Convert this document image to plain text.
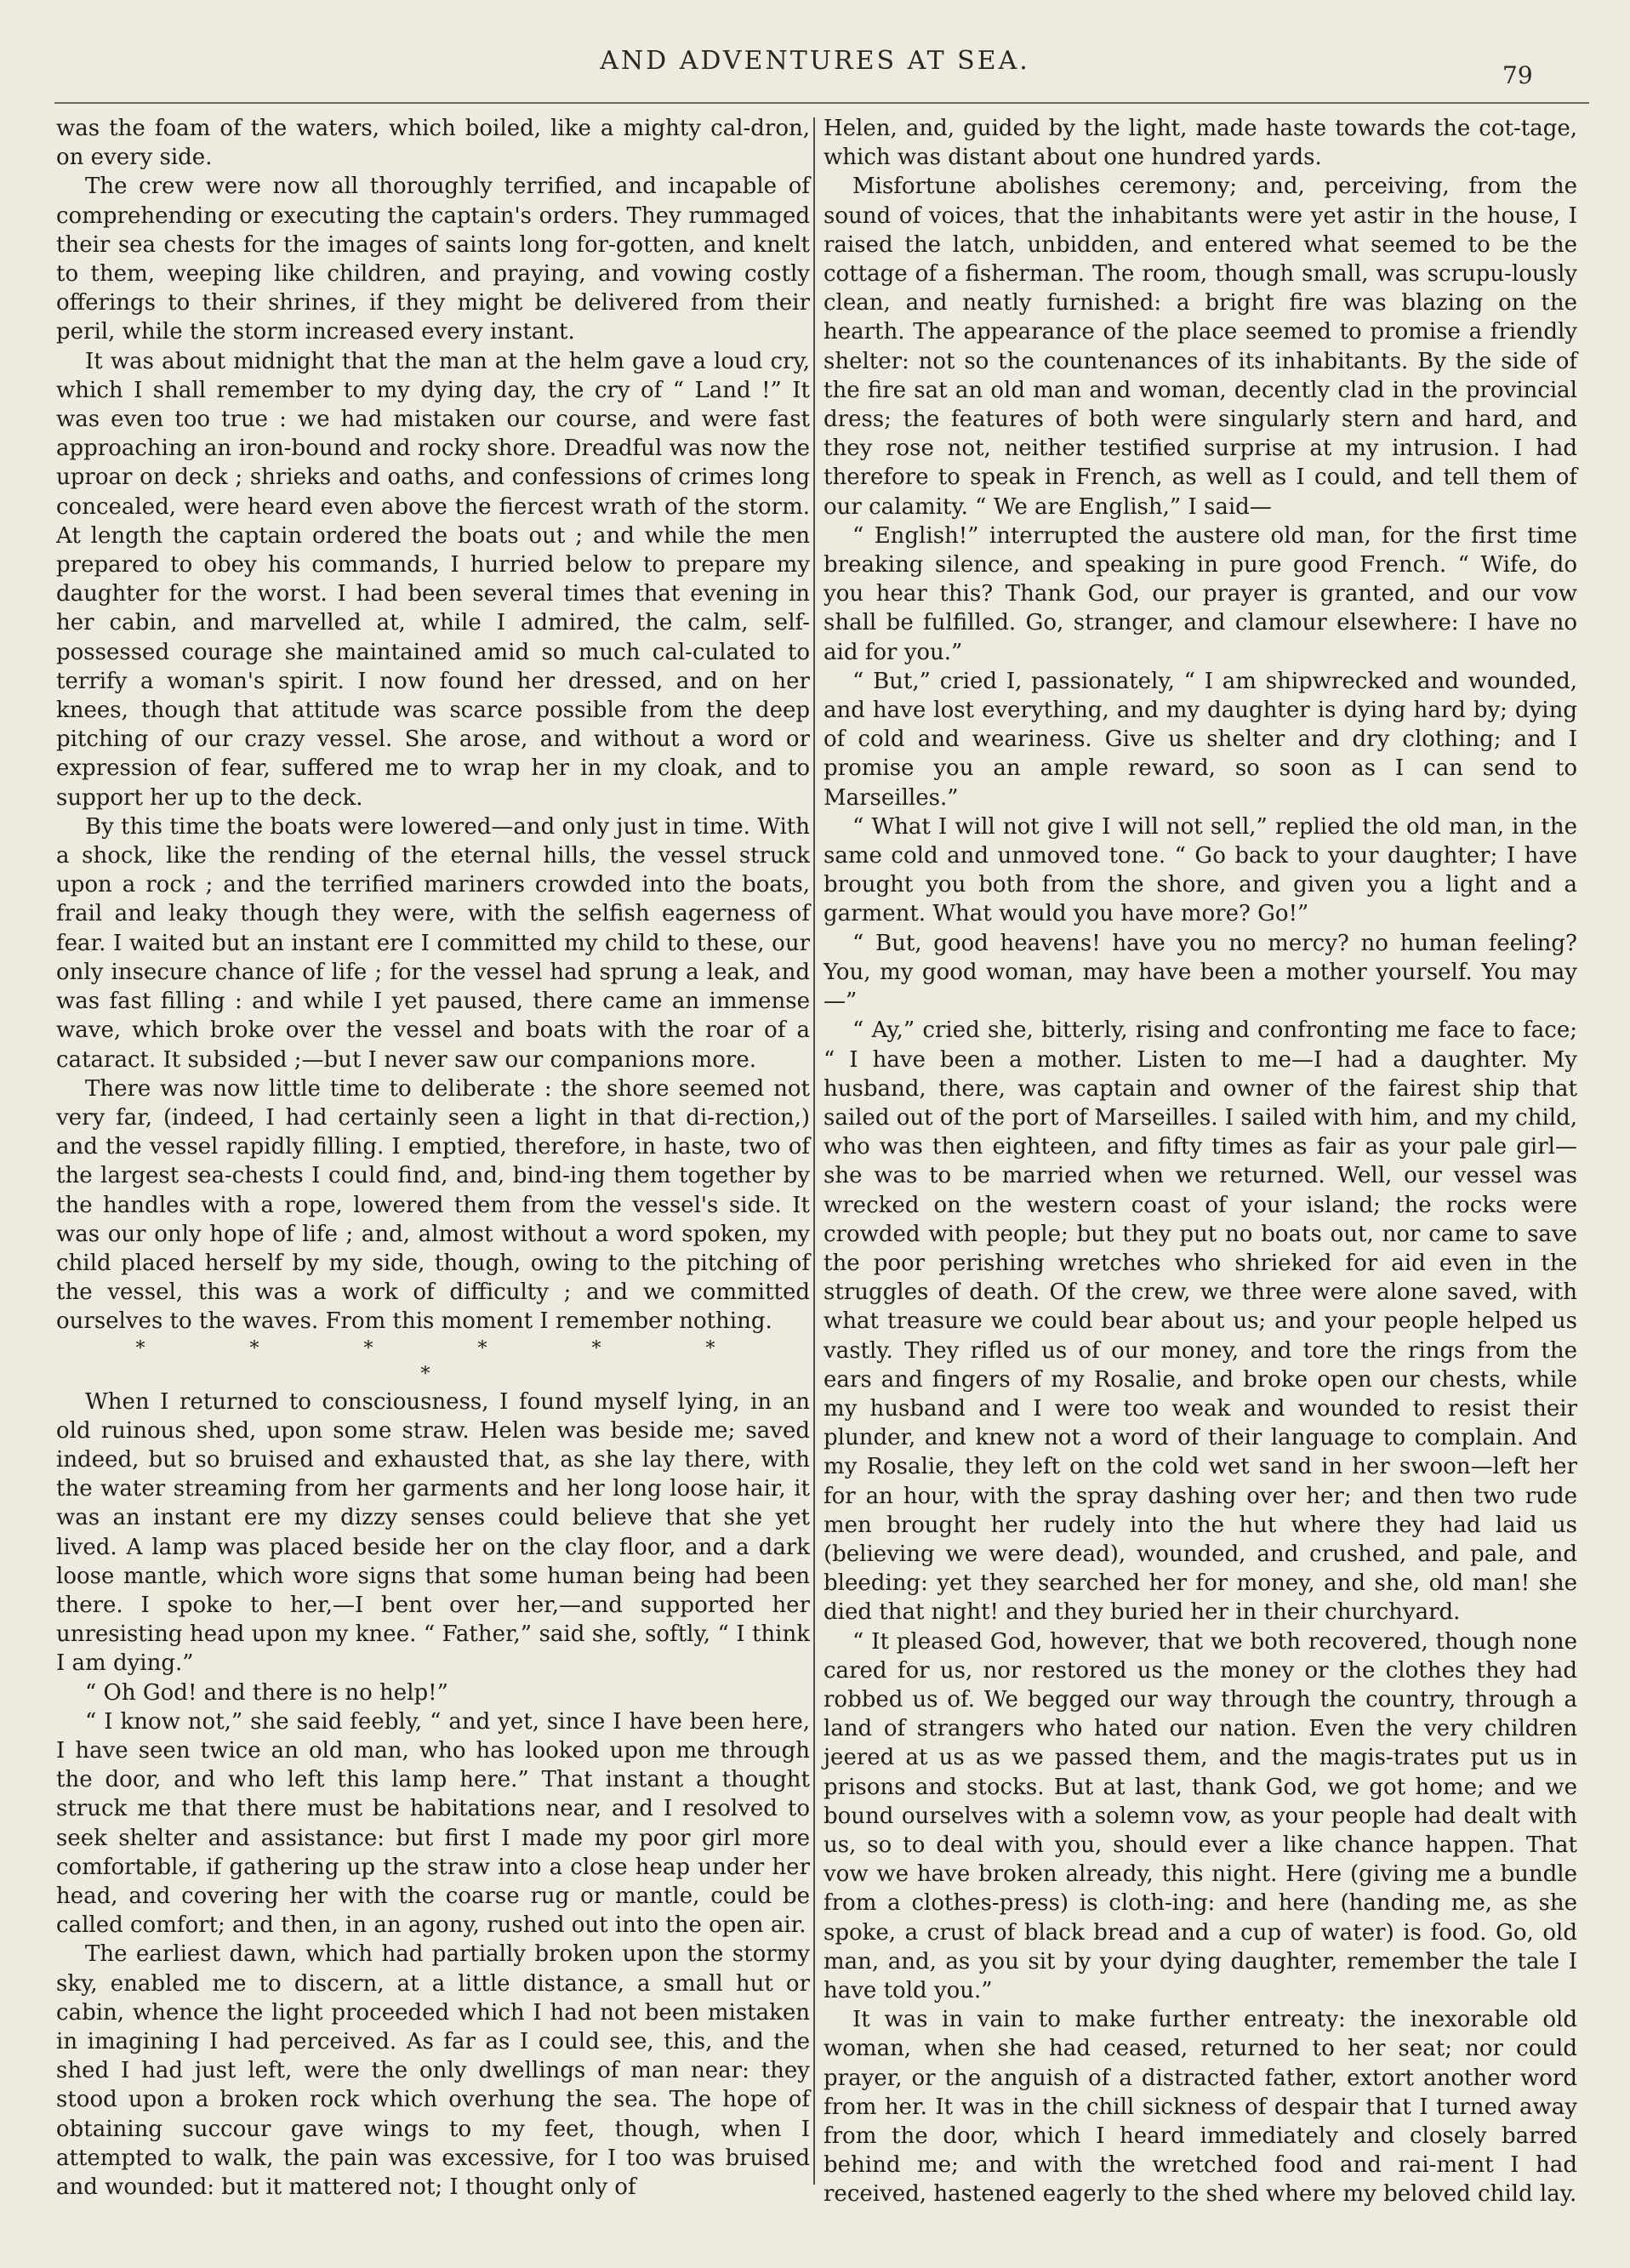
AND ADVENTURES AT SEA.	79

was the foam of the waters, which boiled, like a mighty cal-dron, on every side.

The crew were now all thoroughly terrified, and incapable of comprehending or executing the captain's orders. They rummaged their sea chests for the images of saints long for-gotten, and knelt to them, weeping like children, and praying, and vowing costly offerings to their shrines, if they might be delivered from their peril, while the storm increased every instant.

It was about midnight that the man at the helm gave a loud cry, which I shall remember to my dying day, the cry of “ Land !” It was even too true : we had mistaken our course, and were fast approaching an iron-bound and rocky shore. Dreadful was now the uproar on deck ; shrieks and oaths, and confessions of crimes long concealed, were heard even above the fiercest wrath of the storm. At length the captain ordered the boats out ; and while the men prepared to obey his commands, I hurried below to prepare my daughter for the worst. I had been several times that evening in her cabin, and marvelled at, while I admired, the calm, self-possessed courage she maintained amid so much cal-culated to terrify a woman's spirit. I now found her dressed, and on her knees, though that attitude was scarce possible from the deep pitching of our crazy vessel. She arose, and without a word or expression of fear, suffered me to wrap her in my cloak, and to support her up to the deck.

By this time the boats were lowered—and only just in time. With a shock, like the rending of the eternal hills, the vessel struck upon a rock ; and the terrified mariners crowded into the boats, frail and leaky though they were, with the selfish eagerness of fear. I waited but an instant ere I committed my child to these, our only insecure chance of life ; for the vessel had sprung a leak, and was fast filling : and while I yet paused, there came an immense wave, which broke over the vessel and boats with the roar of a cataract. It subsided ;—but I never saw our companions more.

There was now little time to deliberate : the shore seemed not very far, (indeed, I had certainly seen a light in that di-rection,) and the vessel rapidly filling. I emptied, therefore, in haste, two of the largest sea-chests I could find, and, bind-ing them together by the handles with a rope, lowered them from the vessel's side. It was our only hope of life ; and, almost without a word spoken, my child placed herself by my side, though, owing to the pitching of the vessel, this was a work of difficulty ; and we committed ourselves to the waves. From this moment I remember nothing.

* * * * * * *

When I returned to consciousness, I found myself lying, in an old ruinous shed, upon some straw. Helen was beside me; saved indeed, but so bruised and exhausted that, as she lay there, with the water streaming from her garments and her long loose hair, it was an instant ere my dizzy senses could believe that she yet lived. A lamp was placed beside her on the clay floor, and a dark loose mantle, which wore signs that some human being had been there. I spoke to her,—I bent over her,—and supported her unresisting head upon my knee. “ Father,” said she, softly, “ I think I am dying.”

“ Oh God! and there is no help!”

“ I know not,” she said feebly, “ and yet, since I have been here, I have seen twice an old man, who has looked upon me through the door, and who left this lamp here.” That instant a thought struck me that there must be habitations near, and I resolved to seek shelter and assistance: but first I made my poor girl more comfortable, if gathering up the straw into a close heap under her head, and covering her with the coarse rug or mantle, could be called comfort; and then, in an agony, rushed out into the open air.

The earliest dawn, which had partially broken upon the stormy sky, enabled me to discern, at a little distance, a small hut or cabin, whence the light proceeded which I had not been mistaken in imagining I had perceived. As far as I could see, this, and the shed I had just left, were the only dwellings of man near: they stood upon a broken rock which overhung the sea. The hope of obtaining succour gave wings to my feet, though, when I attempted to walk, the pain was excessive, for I too was bruised and wounded: but it mattered not; I thought only of

Helen, and, guided by the light, made haste towards the cot-tage, which was distant about one hundred yards.

Misfortune abolishes ceremony; and, perceiving, from the sound of voices, that the inhabitants were yet astir in the house, I raised the latch, unbidden, and entered what seemed to be the cottage of a fisherman. The room, though small, was scrupu-lously clean, and neatly furnished: a bright fire was blazing on the hearth. The appearance of the place seemed to promise a friendly shelter: not so the countenances of its inhabitants. By the side of the fire sat an old man and woman, decently clad in the provincial dress; the features of both were singularly stern and hard, and they rose not, neither testified surprise at my intrusion. I had therefore to speak in French, as well as I could, and tell them of our calamity. “ We are English,” I said—

“ English!” interrupted the austere old man, for the first time breaking silence, and speaking in pure good French. “ Wife, do you hear this? Thank God, our prayer is granted, and our vow shall be fulfilled. Go, stranger, and clamour elsewhere: I have no aid for you.”

“ But,” cried I, passionately, “ I am shipwrecked and wounded, and have lost everything, and my daughter is dying hard by; dying of cold and weariness. Give us shelter and dry clothing; and I promise you an ample reward, so soon as I can send to Marseilles.”

“ What I will not give I will not sell,” replied the old man, in the same cold and unmoved tone. “ Go back to your daughter; I have brought you both from the shore, and given you a light and a garment. What would you have more? Go!”

“ But, good heavens! have you no mercy? no human feeling? You, my good woman, may have been a mother yourself. You may—”

“ Ay,” cried she, bitterly, rising and confronting me face to face; “ I have been a mother. Listen to me—I had a daughter. My husband, there, was captain and owner of the fairest ship that sailed out of the port of Marseilles. I sailed with him, and my child, who was then eighteen, and fifty times as fair as your pale girl—she was to be married when we returned. Well, our vessel was wrecked on the western coast of your island; the rocks were crowded with people; but they put no boats out, nor came to save the poor perishing wretches who shrieked for aid even in the struggles of death. Of the crew, we three were alone saved, with what treasure we could bear about us; and your people helped us vastly. They rifled us of our money, and tore the rings from the ears and fingers of my Rosalie, and broke open our chests, while my husband and I were too weak and wounded to resist their plunder, and knew not a word of their language to complain. And my Rosalie, they left on the cold wet sand in her swoon—left her for an hour, with the spray dashing over her; and then two rude men brought her rudely into the hut where they had laid us (believing we were dead), wounded, and crushed, and pale, and bleeding: yet they searched her for money, and she, old man! she died that night! and they buried her in their churchyard.

“ It pleased God, however, that we both recovered, though none cared for us, nor restored us the money or the clothes they had robbed us of. We begged our way through the country, through a land of strangers who hated our nation. Even the very children jeered at us as we passed them, and the magis-trates put us in prisons and stocks. But at last, thank God, we got home; and we bound ourselves with a solemn vow, as your people had dealt with us, so to deal with you, should ever a like chance happen. That vow we have broken already, this night. Here (giving me a bundle from a clothes-press) is cloth-ing: and here (handing me, as she spoke, a crust of black bread and a cup of water) is food. Go, old man, and, as you sit by your dying daughter, remember the tale I have told you.”

It was in vain to make further entreaty: the inexorable old woman, when she had ceased, returned to her seat; nor could prayer, or the anguish of a distracted father, extort another word from her. It was in the chill sickness of despair that I turned away from the door, which I heard immediately and closely barred behind me; and with the wretched food and rai-ment I had received, hastened eagerly to the shed where my beloved child lay.
